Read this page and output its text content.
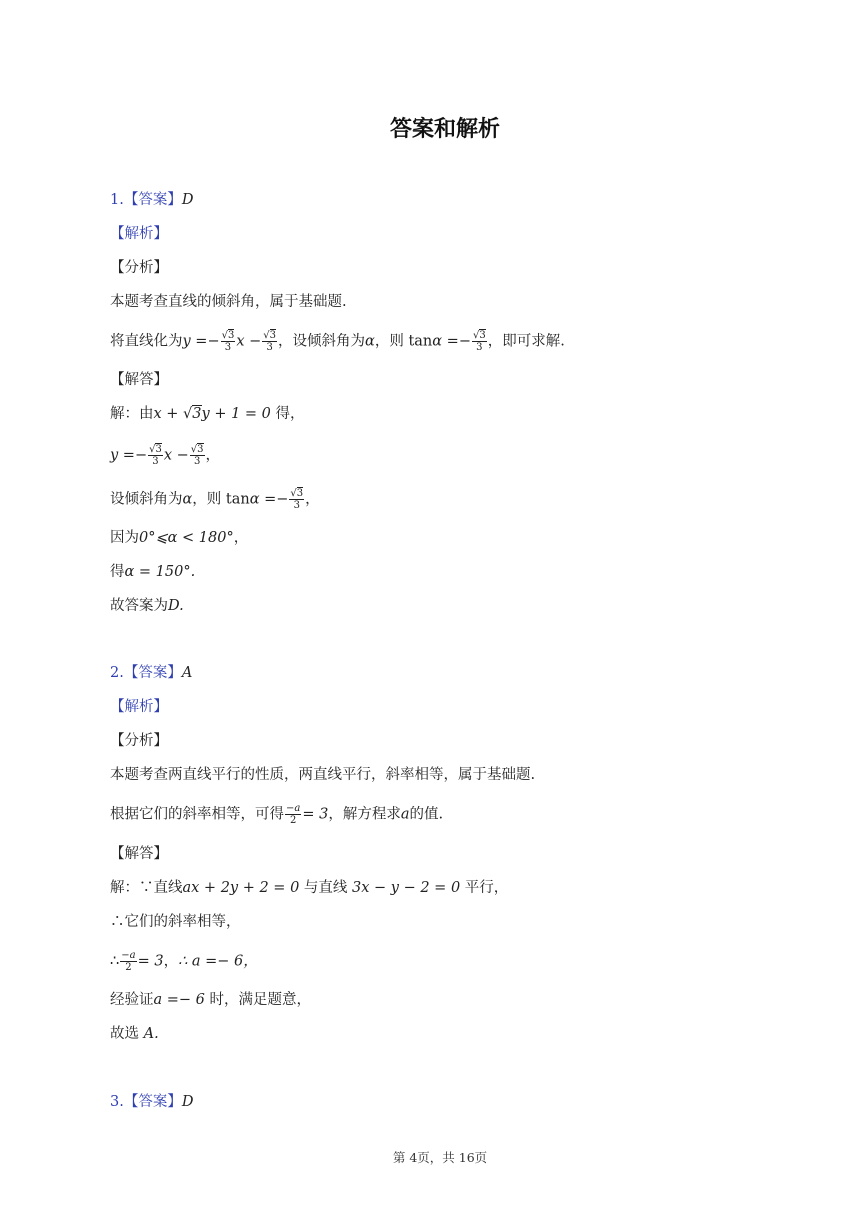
答案和解析
1.【答案】D
【解析】
【分析】
本题考查直线的倾斜角，属于基础题.
将直线化为$y =- \frac{√3}{3}$ $x - \frac{√3}{3}$ ，设倾斜角为α，则 $\tan\alpha =- \frac{√3}{3}$ ，即可求解.
【解答】
解：由x + √3y + 1 = 0 得，
$y =- \frac{√3}{3}$ $x - \frac{√3}{3}$ ，
设倾斜角为α，则 $\tan\alpha =- \frac{√3}{3}$ ，
因为0°⩽α < 180°，
得α = 150°.
故答案为D.
2.【答案】A
【解析】
【分析】
本题考查两直线平行的性质，两直线平行，斜率相等，属于基础题.
根据它们的斜率相等，可得 $\frac{-a}{2} = 3$，解方程求a的值.
【解答】
解：∵直线ax + 2y + 2 = 0 与直线 3x − y − 2 = 0 平行，
∴它们的斜率相等，
∴ $\frac{-a}{2} = 3$，∴ a =− 6，
经验证a =− 6 时，满足题意，
故选 A.
3.【答案】D
第 4页，共 16页
